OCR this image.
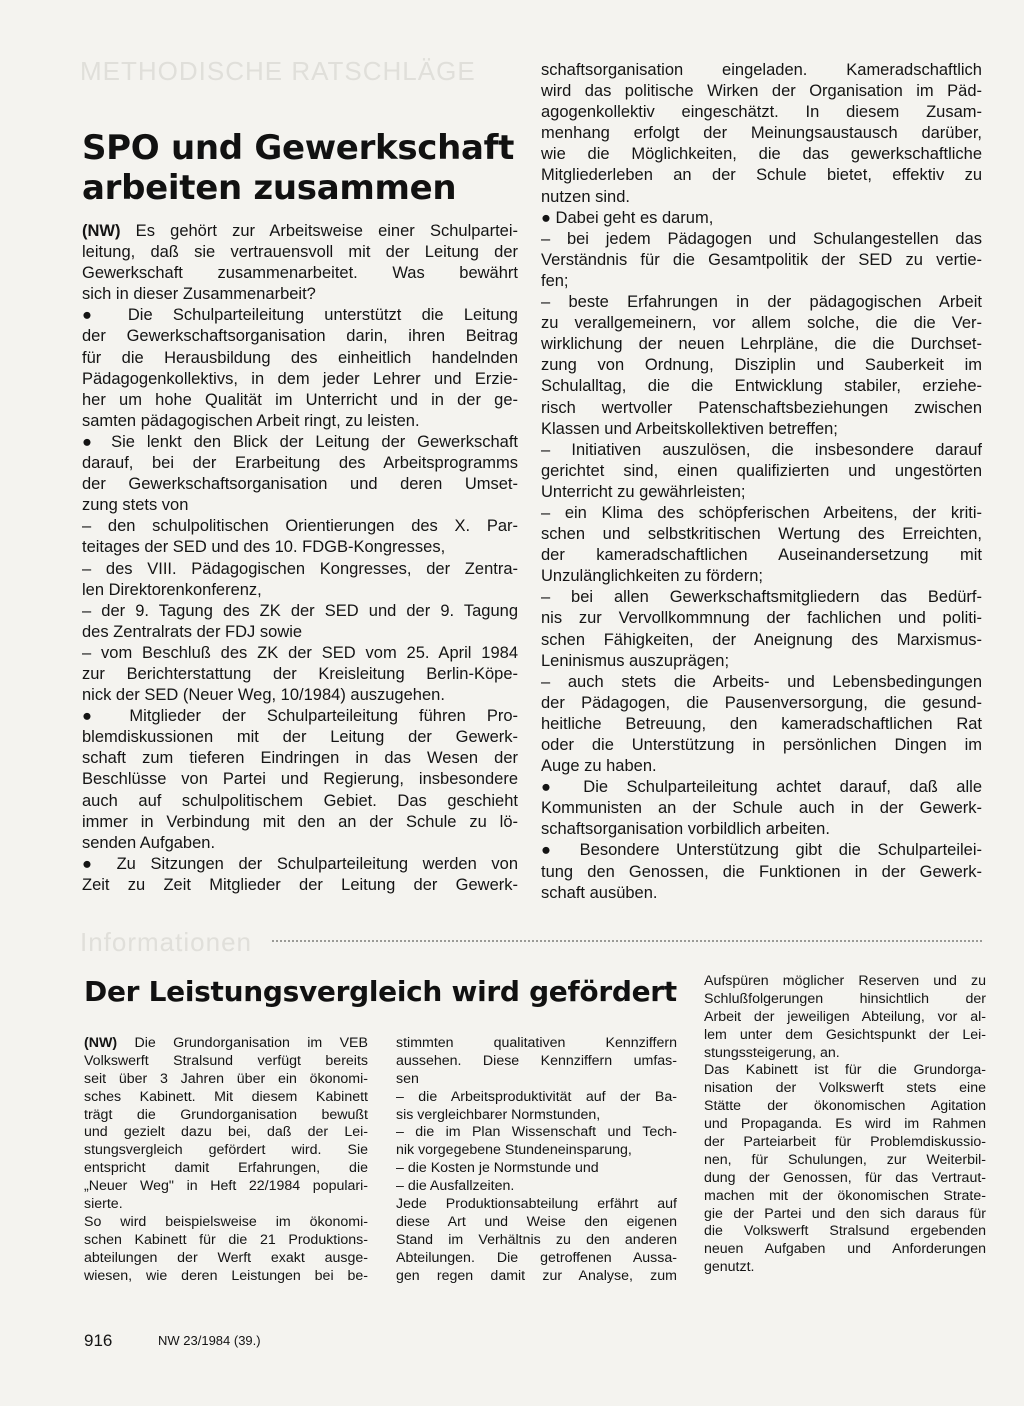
METHODISCHE RATSCHLÄGE
SPO und Gewerkschaft
arbeiten zusammen
(NW) Es gehört zur Arbeitsweise einer Schulpartei-
leitung, daß sie vertrauensvoll mit der Leitung der
Gewerkschaft zusammenarbeitet. Was bewährt
sich in dieser Zusammenarbeit?
● Die Schulparteileitung unterstützt die Leitung
der Gewerkschaftsorganisation darin, ihren Beitrag
für die Herausbildung des einheitlich handelnden
Pädagogenkollektivs, in dem jeder Lehrer und Erzie-
her um hohe Qualität im Unterricht und in der ge-
samten pädagogischen Arbeit ringt, zu leisten.
● Sie lenkt den Blick der Leitung der Gewerkschaft
darauf, bei der Erarbeitung des Arbeitsprogramms
der Gewerkschaftsorganisation und deren Umset-
zung stets von
– den schulpolitischen Orientierungen des X. Par-
teitages der SED und des 10. FDGB-Kongresses,
– des VIII. Pädagogischen Kongresses, der Zentra-
len Direktorenkonferenz,
– der 9. Tagung des ZK der SED und der 9. Tagung
des Zentralrats der FDJ sowie
– vom Beschluß des ZK der SED vom 25. April 1984
zur Berichterstattung der Kreisleitung Berlin-Köpe-
nick der SED (Neuer Weg, 10/1984) auszugehen.
● Mitglieder der Schulparteileitung führen Pro-
blemdiskussionen mit der Leitung der Gewerk-
schaft zum tieferen Eindringen in das Wesen der
Beschlüsse von Partei und Regierung, insbesondere
auch auf schulpolitischem Gebiet. Das geschieht
immer in Verbindung mit den an der Schule zu lö-
senden Aufgaben.
● Zu Sitzungen der Schulparteileitung werden von
Zeit zu Zeit Mitglieder der Leitung der Gewerk-
schaftsorganisation eingeladen. Kameradschaftlich
wird das politische Wirken der Organisation im Päd-
agogenkollektiv eingeschätzt. In diesem Zusam-
menhang erfolgt der Meinungsaustausch darüber,
wie die Möglichkeiten, die das gewerkschaftliche
Mitgliederleben an der Schule bietet, effektiv zu
nutzen sind.
● Dabei geht es darum,
– bei jedem Pädagogen und Schulangestellen das
Verständnis für die Gesamtpolitik der SED zu vertie-
fen;
– beste Erfahrungen in der pädagogischen Arbeit
zu verallgemeinern, vor allem solche, die die Ver-
wirklichung der neuen Lehrpläne, die die Durchset-
zung von Ordnung, Disziplin und Sauberkeit im
Schulalltag, die die Entwicklung stabiler, erziehe-
risch wertvoller Patenschaftsbeziehungen zwischen
Klassen und Arbeitskollektiven betreffen;
– Initiativen auszulösen, die insbesondere darauf
gerichtet sind, einen qualifizierten und ungestörten
Unterricht zu gewährleisten;
– ein Klima des schöpferischen Arbeitens, der kriti-
schen und selbstkritischen Wertung des Erreichten,
der kameradschaftlichen Auseinandersetzung mit
Unzulänglichkeiten zu fördern;
– bei allen Gewerkschaftsmitgliedern das Bedürf-
nis zur Vervollkommnung der fachlichen und politi-
schen Fähigkeiten, der Aneignung des Marxismus-
Leninismus auszuprägen;
– auch stets die Arbeits- und Lebensbedingungen
der Pädagogen, die Pausenversorgung, die gesund-
heitliche Betreuung, den kameradschaftlichen Rat
oder die Unterstützung in persönlichen Dingen im
Auge zu haben.
● Die Schulparteileitung achtet darauf, daß alle
Kommunisten an der Schule auch in der Gewerk-
schaftsorganisation vorbildlich arbeiten.
● Besondere Unterstützung gibt die Schulparteilei-
tung den Genossen, die Funktionen in der Gewerk-
schaft ausüben.
Informationen
Der Leistungsvergleich wird gefördert
(NW) Die Grundorganisation im VEB
Volkswerft Stralsund verfügt bereits
seit über 3 Jahren über ein ökonomi-
sches Kabinett. Mit diesem Kabinett
trägt die Grundorganisation bewußt
und gezielt dazu bei, daß der Lei-
stungsvergleich gefördert wird. Sie
entspricht damit Erfahrungen, die
„Neuer Weg" in Heft 22/1984 populari-
sierte.
So wird beispielsweise im ökonomi-
schen Kabinett für die 21 Produktions-
abteilungen der Werft exakt ausge-
wiesen, wie deren Leistungen bei be-
stimmten qualitativen Kennziffern
aussehen. Diese Kennziffern umfas-
sen
– die Arbeitsproduktivität auf der Ba-
sis vergleichbarer Normstunden,
– die im Plan Wissenschaft und Tech-
nik vorgegebene Stundeneinsparung,
– die Kosten je Normstunde und
– die Ausfallzeiten.
Jede Produktionsabteilung erfährt auf
diese Art und Weise den eigenen
Stand im Verhältnis zu den anderen
Abteilungen. Die getroffenen Aussa-
gen regen damit zur Analyse, zum
Aufspüren möglicher Reserven und zu
Schlußfolgerungen hinsichtlich der
Arbeit der jeweiligen Abteilung, vor al-
lem unter dem Gesichtspunkt der Lei-
stungssteigerung, an.
Das Kabinett ist für die Grundorga-
nisation der Volkswerft stets eine
Stätte der ökonomischen Agitation
und Propaganda. Es wird im Rahmen
der Parteiarbeit für Problemdiskussio-
nen, für Schulungen, zur Weiterbil-
dung der Genossen, für das Vertraut-
machen mit der ökonomischen Strate-
gie der Partei und den sich daraus für
die Volkswerft Stralsund ergebenden
neuen Aufgaben und Anforderungen
genutzt.
916	NW 23/1984 (39.)
